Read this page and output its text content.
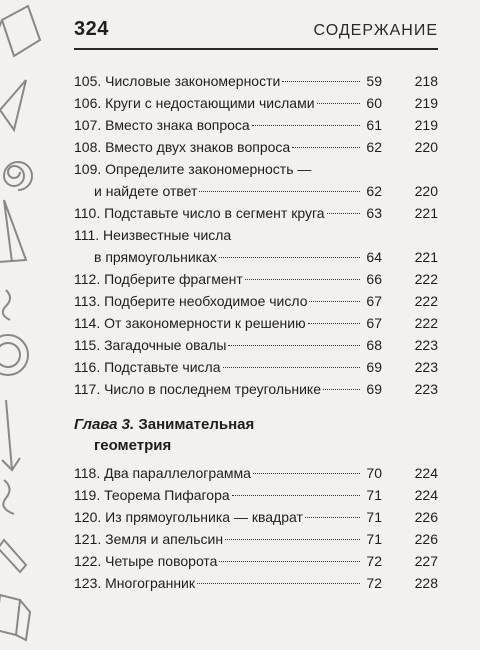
324	СОДЕРЖАНИЕ
105. Числовые закономерности	59	218
106. Круги с недостающими числами	60	219
107. Вместо знака вопроса	61	219
108. Вместо двух знаков вопроса	62	220
109. Определите закономерность —
и найдете ответ	62	220
110. Подставьте число в сегмент круга	63	221
111. Неизвестные числа
в прямоугольниках	64	221
112. Подберите фрагмент	66	222
113. Подберите необходимое число	67	222
114. От закономерности к решению	67	222
115. Загадочные овалы	68	223
116. Подставьте числа	69	223
117. Число в последнем треугольнике	69	223
Глава 3. Занимательная
геометрия
118. Два параллелограмма	70	224
119. Теорема Пифагора	71	224
120. Из прямоугольника — квадрат	71	226
121. Земля и апельсин	71	226
122. Четыре поворота	72	227
123. Многогранник	72	228
